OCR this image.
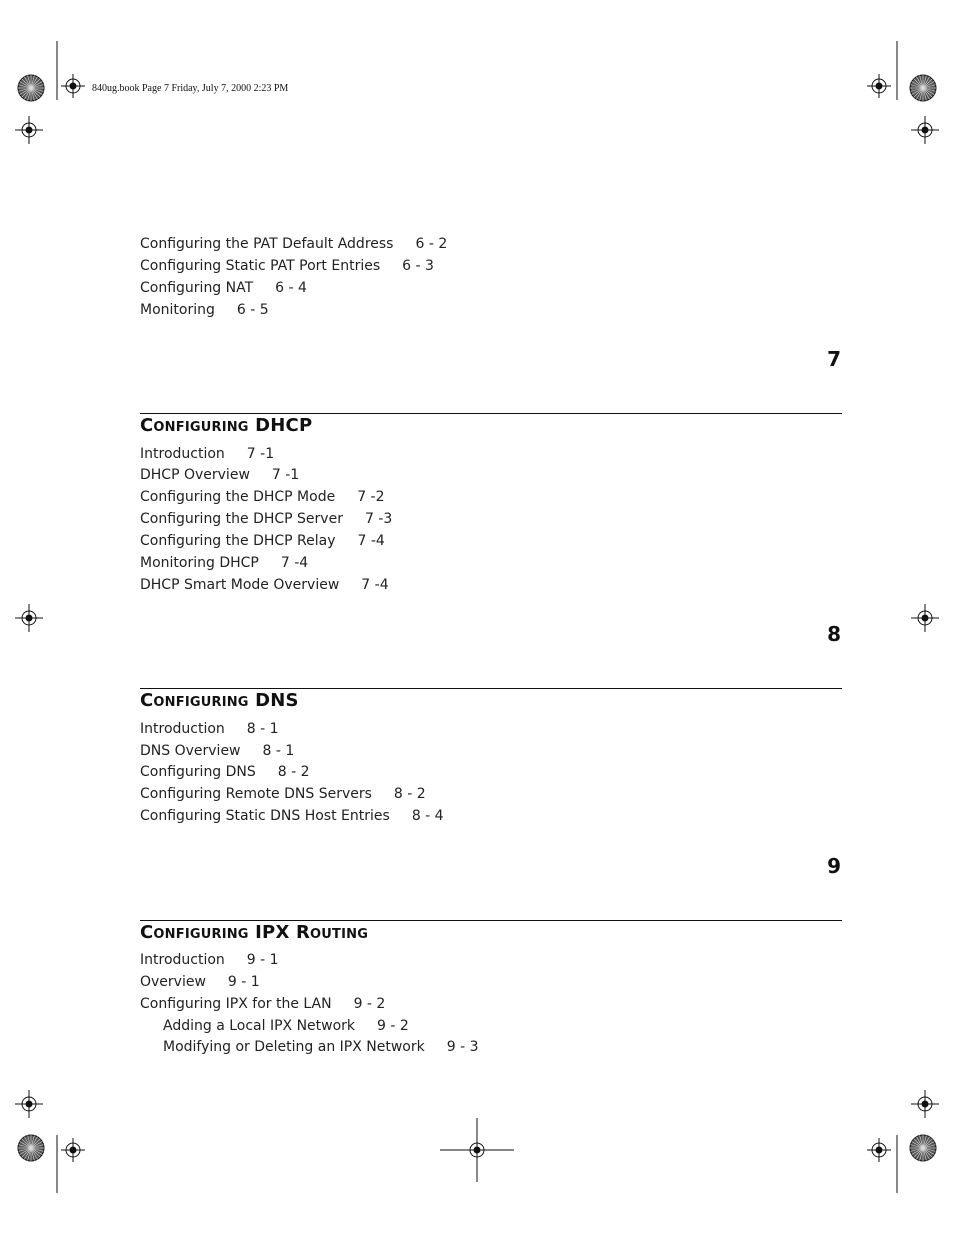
840ug.book Page 7 Friday, July 7, 2000 2:23 PM
Configuring the PAT Default Address 6 - 2
Configuring Static PAT Port Entries 6 - 3
Configuring NAT 6 - 4
Monitoring 6 - 5
7
Configuring DHCP
Introduction 7 -1
DHCP Overview 7 -1
Configuring the DHCP Mode 7 -2
Configuring the DHCP Server 7 -3
Configuring the DHCP Relay 7 -4
Monitoring DHCP 7 -4
DHCP Smart Mode Overview 7 -4
8
Configuring DNS
Introduction 8 - 1
DNS Overview 8 - 1
Configuring DNS 8 - 2
Configuring Remote DNS Servers 8 - 2
Configuring Static DNS Host Entries 8 - 4
9
Configuring IPX Routing
Introduction 9 - 1
Overview 9 - 1
Configuring IPX for the LAN 9 - 2
Adding a Local IPX Network 9 - 2
Modifying or Deleting an IPX Network 9 - 3
